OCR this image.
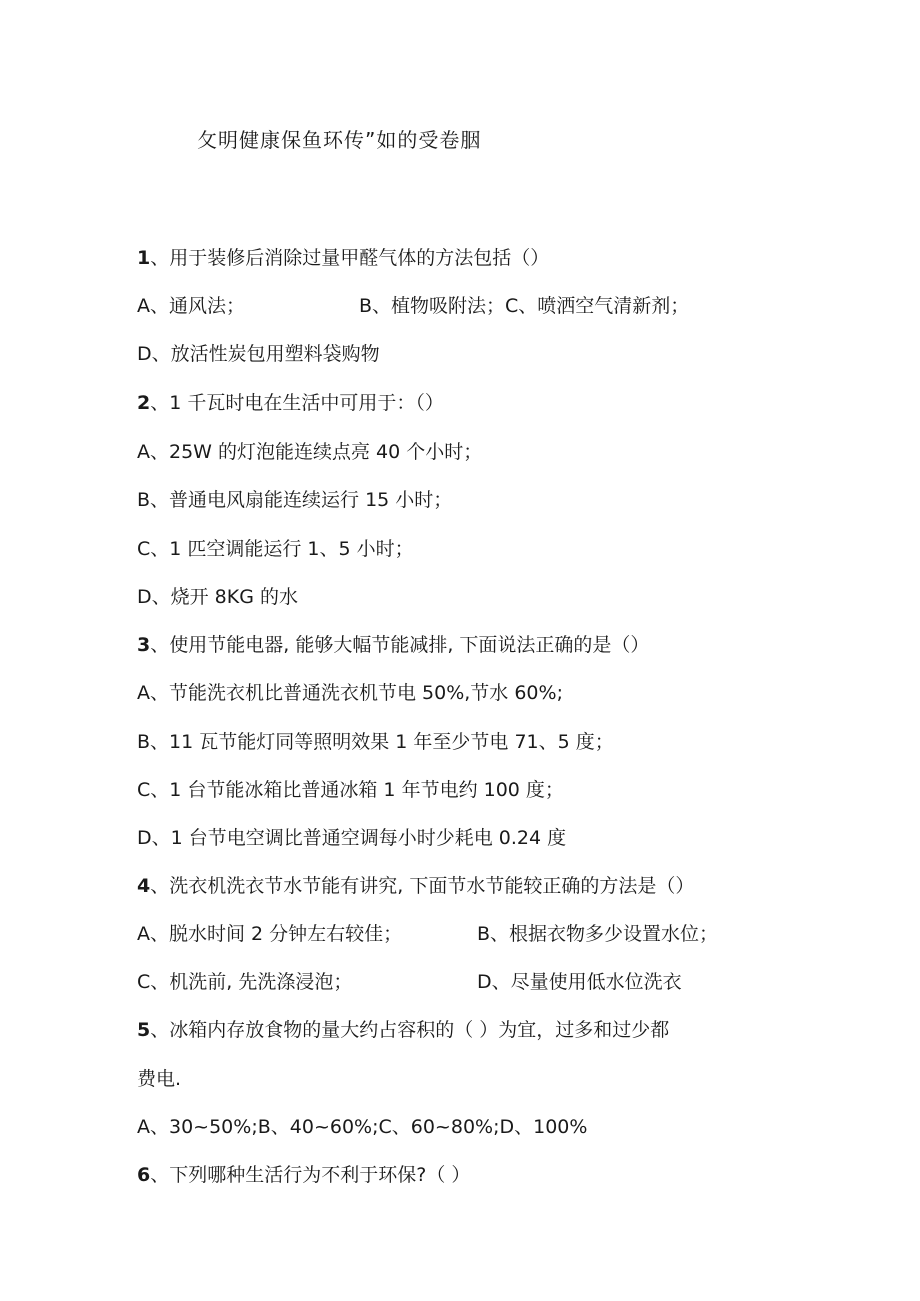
攵明健康保鱼环传”如的受卷胭
1、用于装修后消除过量甲醛气体的方法包括（）
A、通风法；	B、植物吸附法；C、喷洒空气清新剂；
D、放活性炭包用塑料袋购物
2、1 千瓦时电在生活中可用于：（）
A、25W 的灯泡能连续点亮 40 个小时；
B、普通电风扇能连续运行 15 小时；
C、1 匹空调能运行 1、5 小时；
D、烧开 8KG 的水
3、使用节能电器, 能够大幅节能减排, 下面说法正确的是（）
A、节能洗衣机比普通洗衣机节电 50%,节水 60%;
B、11 瓦节能灯同等照明效果 1 年至少节电 71、5 度；
C、1 台节能冰箱比普通冰箱 1 年节电约 100 度；
D、1 台节电空调比普通空调每小时少耗电 0.24 度
4、洗衣机洗衣节水节能有讲究, 下面节水节能较正确的方法是（）
A、脱水时间 2 分钟左右较佳；	B、根据衣物多少设置水位；
C、机洗前, 先洗涤浸泡；	D、尽量使用低水位洗衣
5、冰箱内存放食物的量大约占容积的（ ）为宜，过多和过少都
费电.
A、30~50%;B、40~60%;C、60~80%;D、100%
6、下列哪种生活行为不利于环保?（ ）
